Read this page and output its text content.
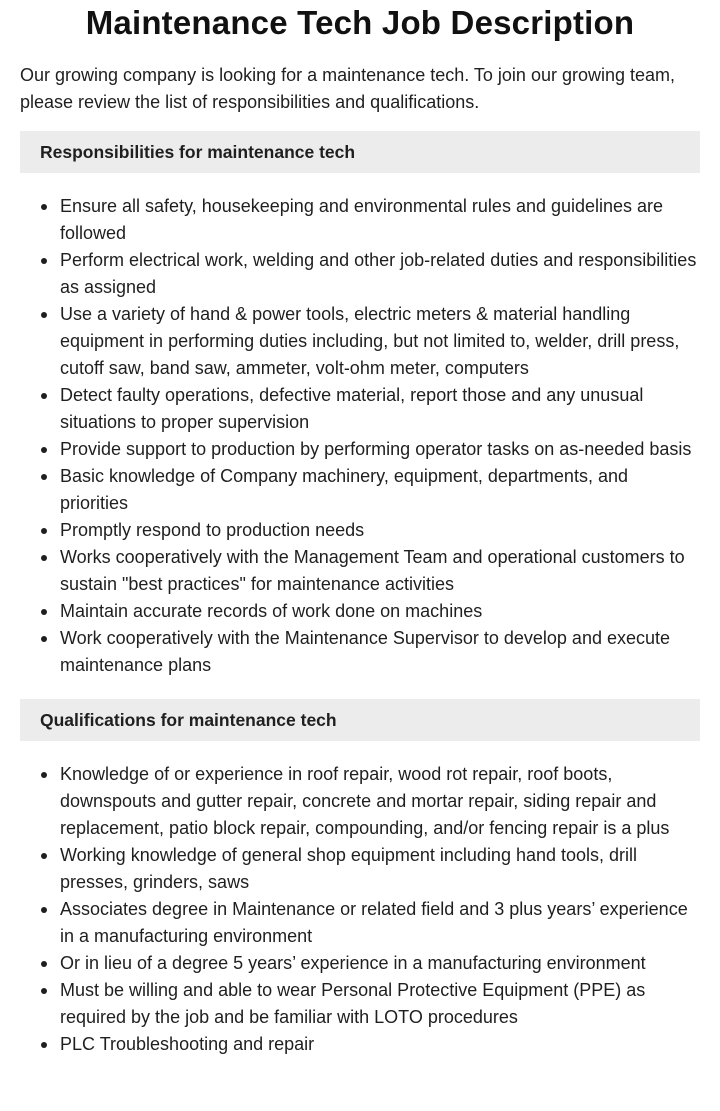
Maintenance Tech Job Description

Our growing company is looking for a maintenance tech. To join our growing team, please review the list of responsibilities and qualifications.

Responsibilities for maintenance tech
Ensure all safety, housekeeping and environmental rules and guidelines are followed
Perform electrical work, welding and other job-related duties and responsibilities as assigned
Use a variety of hand & power tools, electric meters & material handling equipment in performing duties including, but not limited to, welder, drill press, cutoff saw, band saw, ammeter, volt-ohm meter, computers
Detect faulty operations, defective material, report those and any unusual situations to proper supervision
Provide support to production by performing operator tasks on as-needed basis
Basic knowledge of Company machinery, equipment, departments, and priorities
Promptly respond to production needs
Works cooperatively with the Management Team and operational customers to sustain "best practices" for maintenance activities
Maintain accurate records of work done on machines
Work cooperatively with the Maintenance Supervisor to develop and execute maintenance plans
Qualifications for maintenance tech
Knowledge of or experience in roof repair, wood rot repair, roof boots, downspouts and gutter repair, concrete and mortar repair, siding repair and replacement, patio block repair, compounding, and/or fencing repair is a plus
Working knowledge of general shop equipment including hand tools, drill presses, grinders, saws
Associates degree in Maintenance or related field and 3 plus years’ experience in a manufacturing environment
Or in lieu of a degree 5 years’ experience in a manufacturing environment
Must be willing and able to wear Personal Protective Equipment (PPE) as required by the job and be familiar with LOTO procedures
PLC Troubleshooting and repair
